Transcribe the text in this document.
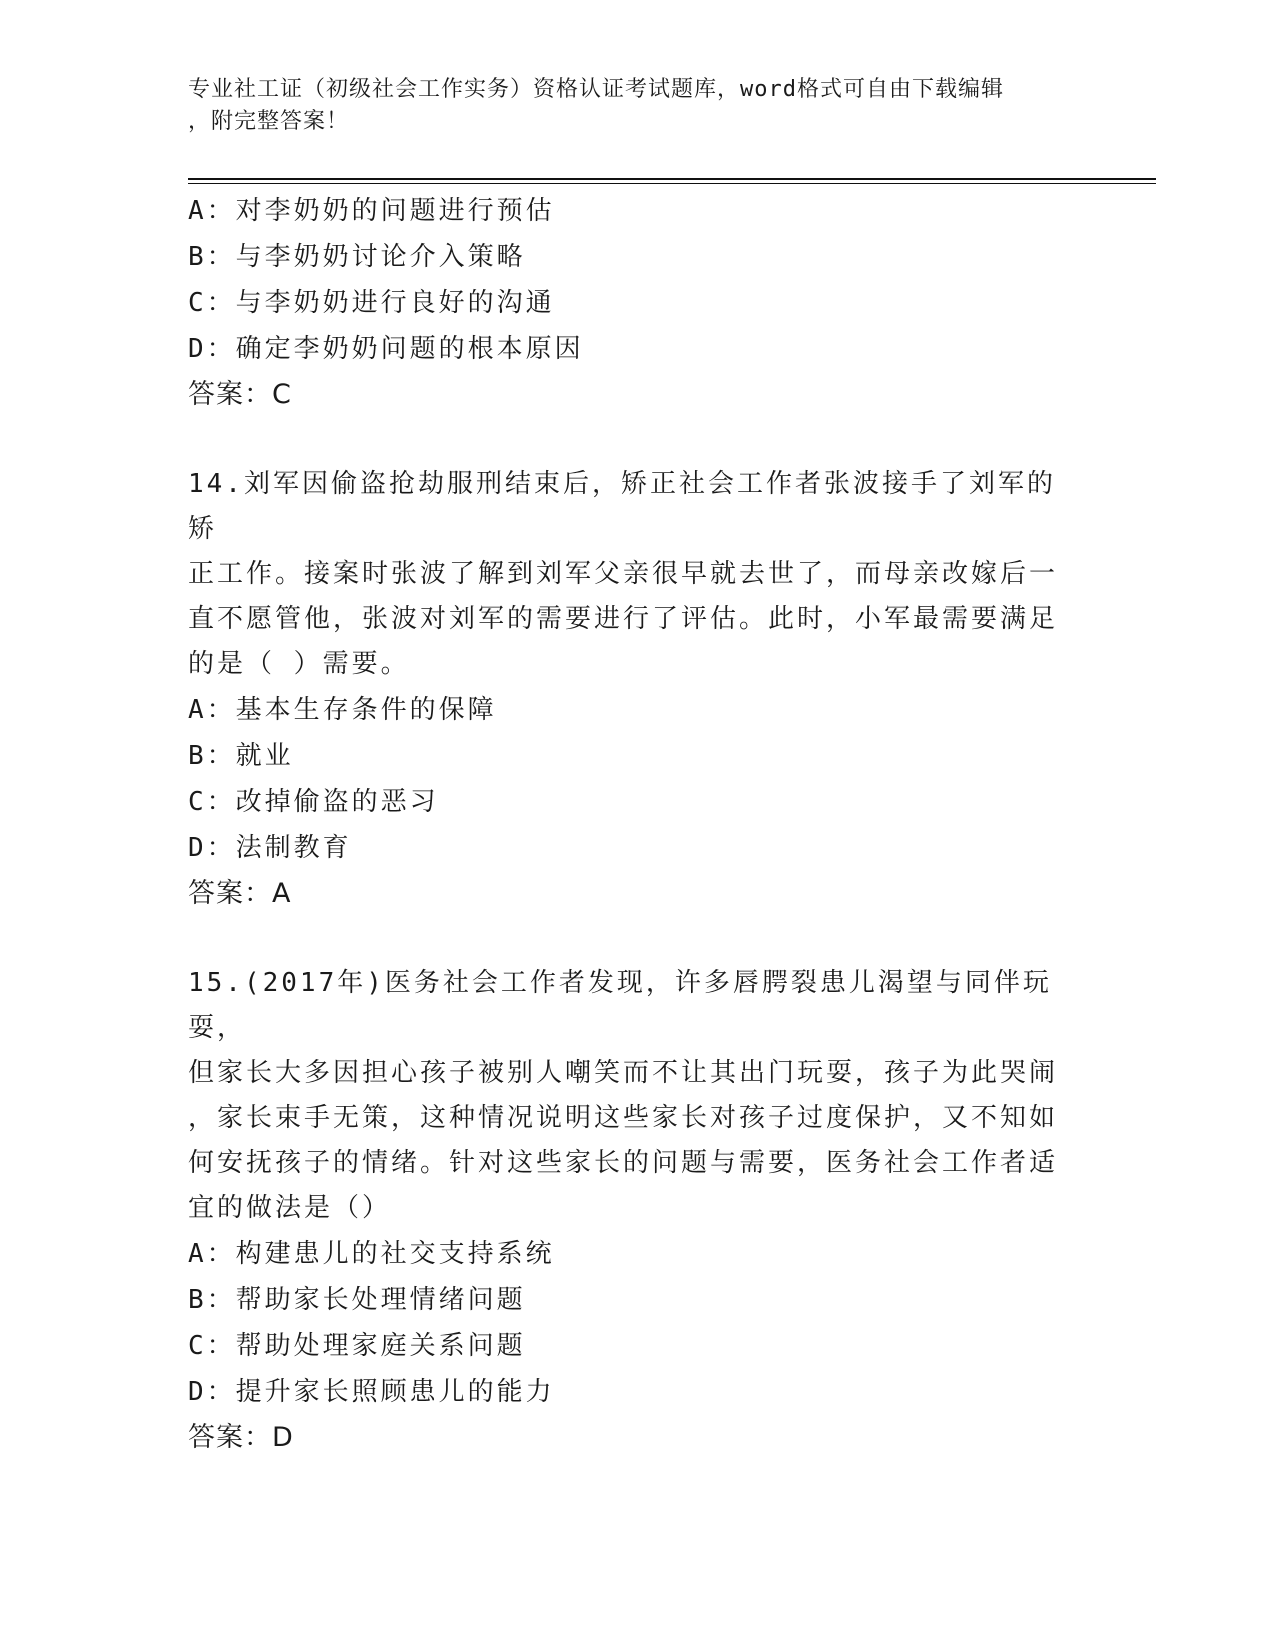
专业社工证（初级社会工作实务）资格认证考试题库，word格式可自由下载编辑
，附完整答案！
A：对李奶奶的问题进行预估
B：与李奶奶讨论介入策略
C：与李奶奶进行良好的沟通
D：确定李奶奶问题的根本原因
答案：C
14.刘军因偷盗抢劫服刑结束后，矫正社会工作者张波接手了刘军的矫
正工作。接案时张波了解到刘军父亲很早就去世了，而母亲改嫁后一
直不愿管他，张波对刘军的需要进行了评估。此时，小军最需要满足
的是（ ）需要。
A：基本生存条件的保障
B：就业
C：改掉偷盗的恶习
D：法制教育
答案：A
15.(2017年)医务社会工作者发现，许多唇腭裂患儿渴望与同伴玩耍，
但家长大多因担心孩子被别人嘲笑而不让其出门玩耍，孩子为此哭闹
，家长束手无策，这种情况说明这些家长对孩子过度保护，又不知如
何安抚孩子的情绪。针对这些家长的问题与需要，医务社会工作者适
宜的做法是（）
A：构建患儿的社交支持系统
B：帮助家长处理情绪问题
C：帮助处理家庭关系问题
D：提升家长照顾患儿的能力
答案：D
